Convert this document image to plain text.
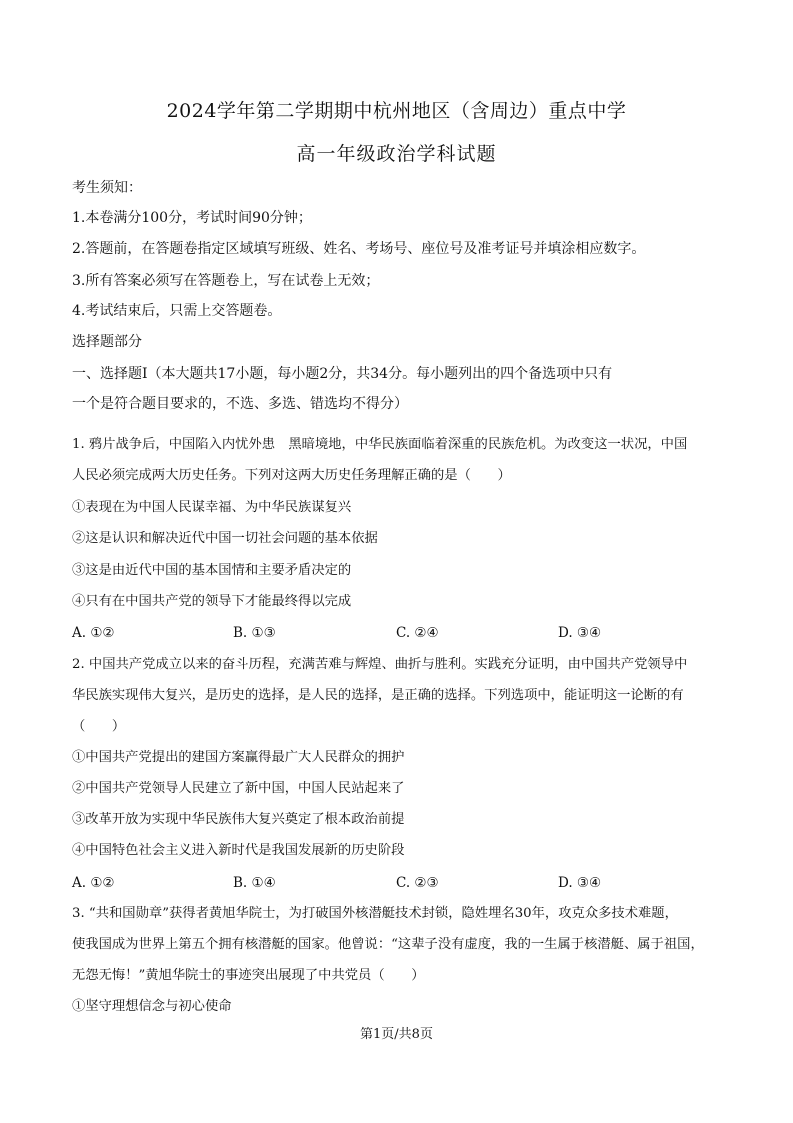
2024学年第二学期期中杭州地区（含周边）重点中学
高一年级政治学科试题
考生须知：
1.本卷满分100分，考试时间90分钟；
2.答题前，在答题卷指定区域填写班级、姓名、考场号、座位号及准考证号并填涂相应数字。
3.所有答案必须写在答题卷上，写在试卷上无效；
4.考试结束后，只需上交答题卷。
选择题部分
一、选择题Ⅰ（本大题共17小题，每小题2分，共34分。每小题列出的四个备选项中只有
一个是符合题目要求的，不选、多选、错选均不得分）
1. 鸦片战争后，中国陷入内忧外患　黑暗境地，中华民族面临着深重的民族危机。为改变这一状况，中国
人民必须完成两大历史任务。下列对这两大历史任务理解正确的是（　　）
①表现在为中国人民谋幸福、为中华民族谋复兴
②这是认识和解决近代中国一切社会问题的基本依据
③这是由近代中国的基本国情和主要矛盾决定的
④只有在中国共产党的领导下才能最终得以完成
A. ①②	B. ①③	C. ②④	D. ③④
2. 中国共产党成立以来的奋斗历程，充满苦难与辉煌、曲折与胜利。实践充分证明，由中国共产党领导中
华民族实现伟大复兴，是历史的选择，是人民的选择，是正确的选择。下列选项中，能证明这一论断的有
（　　）
①中国共产党提出的建国方案赢得最广大人民群众的拥护
②中国共产党领导人民建立了新中国，中国人民站起来了
③改革开放为实现中华民族伟大复兴奠定了根本政治前提
④中国特色社会主义进入新时代是我国发展新的历史阶段
A. ①②	B. ①④	C. ②③	D. ③④
3. “共和国勋章”获得者黄旭华院士，为打破国外核潜艇技术封锁，隐姓埋名30年，攻克众多技术难题，
使我国成为世界上第五个拥有核潜艇的国家。他曾说：“这辈子没有虚度，我的一生属于核潜艇、属于祖国，
无怨无悔！”黄旭华院士的事迹突出展现了中共党员（　　）
①坚守理想信念与初心使命
第1页/共8页
